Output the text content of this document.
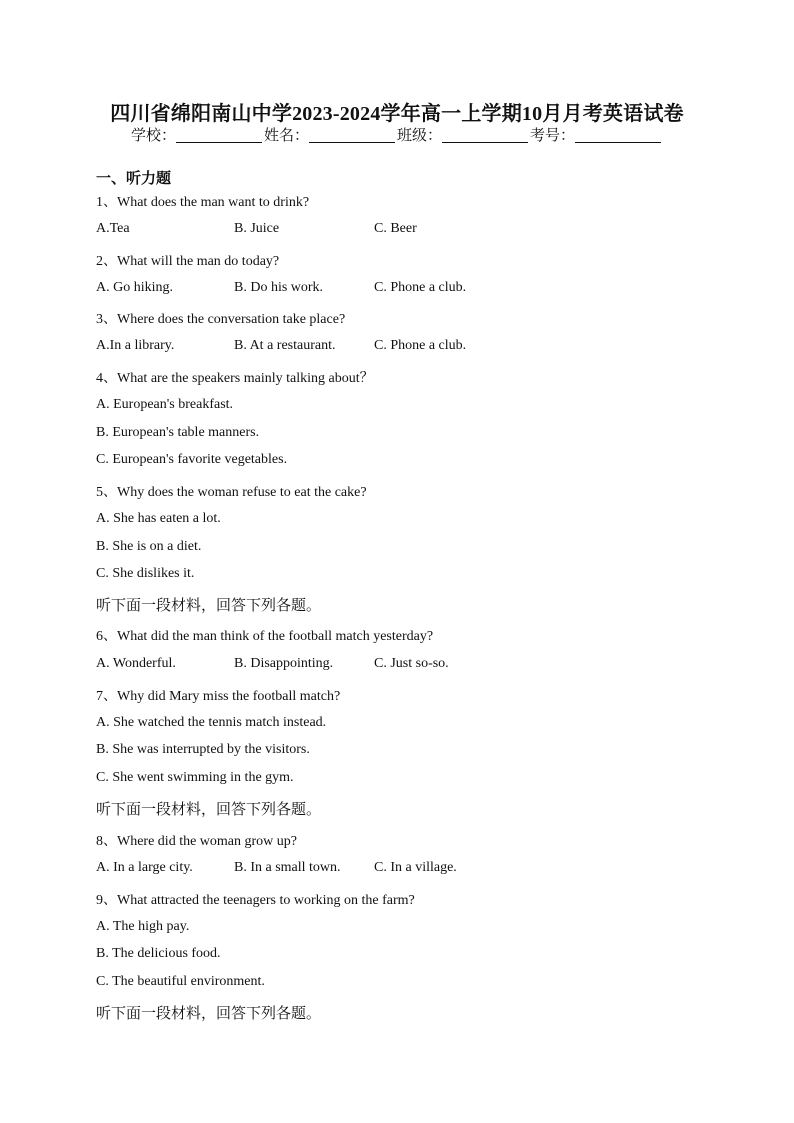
四川省绵阳南山中学2023-2024学年高一上学期10月月考英语试卷
学校：	姓名：	班级：	考号：
一、听力题
1、What does the man want to drink?
A.Tea	B. Juice	C. Beer
2、What will the man do today?
A. Go hiking.	B. Do his work.	C. Phone a club.
3、Where does the conversation take place?
A.In a library.	B. At a restaurant.	C. Phone a club.
4、What are the speakers mainly talking about？
A. European's breakfast.
B. European's table manners.
C. European's favorite vegetables.
5、Why does the woman refuse to eat the cake?
A. She has eaten a lot.
B. She is on a diet.
C. She dislikes it.
听下面一段材料，回答下列各题。
6、What did the man think of the football match yesterday?
A. Wonderful.	B. Disappointing.	C. Just so-so.
7、Why did Mary miss the football match?
A. She watched the tennis match instead.
B. She was interrupted by the visitors.
C. She went swimming in the gym.
听下面一段材料，回答下列各题。
8、Where did the woman grow up?
A. In a large city.	B. In a small town. C. In a village.
9、What attracted the teenagers to working on the farm?
A. The high pay.
B. The delicious food.
C. The beautiful environment.
听下面一段材料，回答下列各题。
